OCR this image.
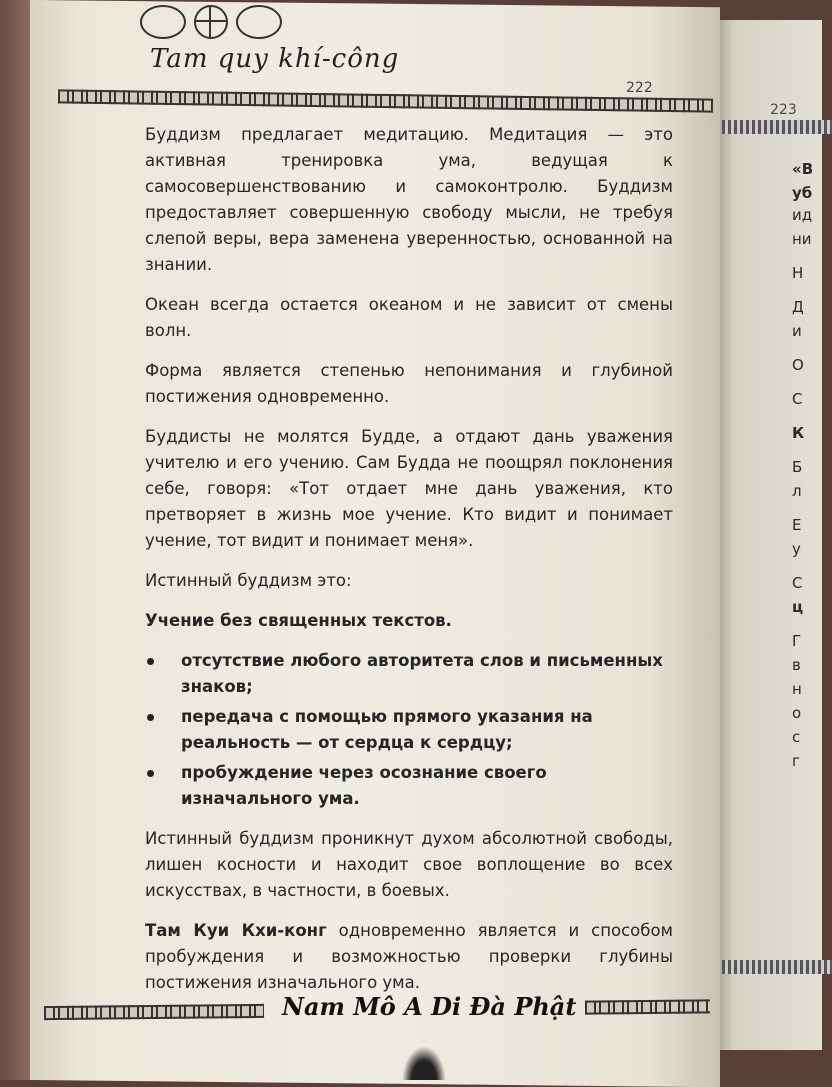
223
«В
уб
ид
ни
Н
Д
и
О
С
К
Б
л
Е
у
С
ц
Г
в
н
о
с
г
Tam quy khí-công
222

Буддизм предлагает медитацию. Медитация — это активная тренировка ума, ведущая к самосовершенствованию и самоконтролю. Буддизм предоставляет совершенную свободу мысли, не требуя слепой веры, вера заменена уверенностью, основанной на знании.

Океан всегда остается океаном и не зависит от смены волн.

Форма является степенью непонимания и глубиной постижения одновременно.

Буддисты не молятся Будде, а отдают дань уважения учителю и его учению. Сам Будда не поощрял поклонения себе, говоря: «Тот отдает мне дань уважения, кто претворяет в жизнь мое учение. Кто видит и понимает учение, тот видит и понимает меня».

Истинный буддизм это:

Учение без священных текстов.

отсутствие любого авторитета слов и письменных знаков;
передача с помощью прямого указания на реальность — от сердца к сердцу;
пробуждение через осознание своего изначального ума.

Истинный буддизм проникнут духом абсолютной свободы, лишен косности и находит свое воплощение во всех искусствах, в частности, в боевых.

Там Куи Кхи-конг одновременно является и способом пробуждения и возможностью проверки глубины постижения изначального ума.

Nam Mô A Di Đà Phật
